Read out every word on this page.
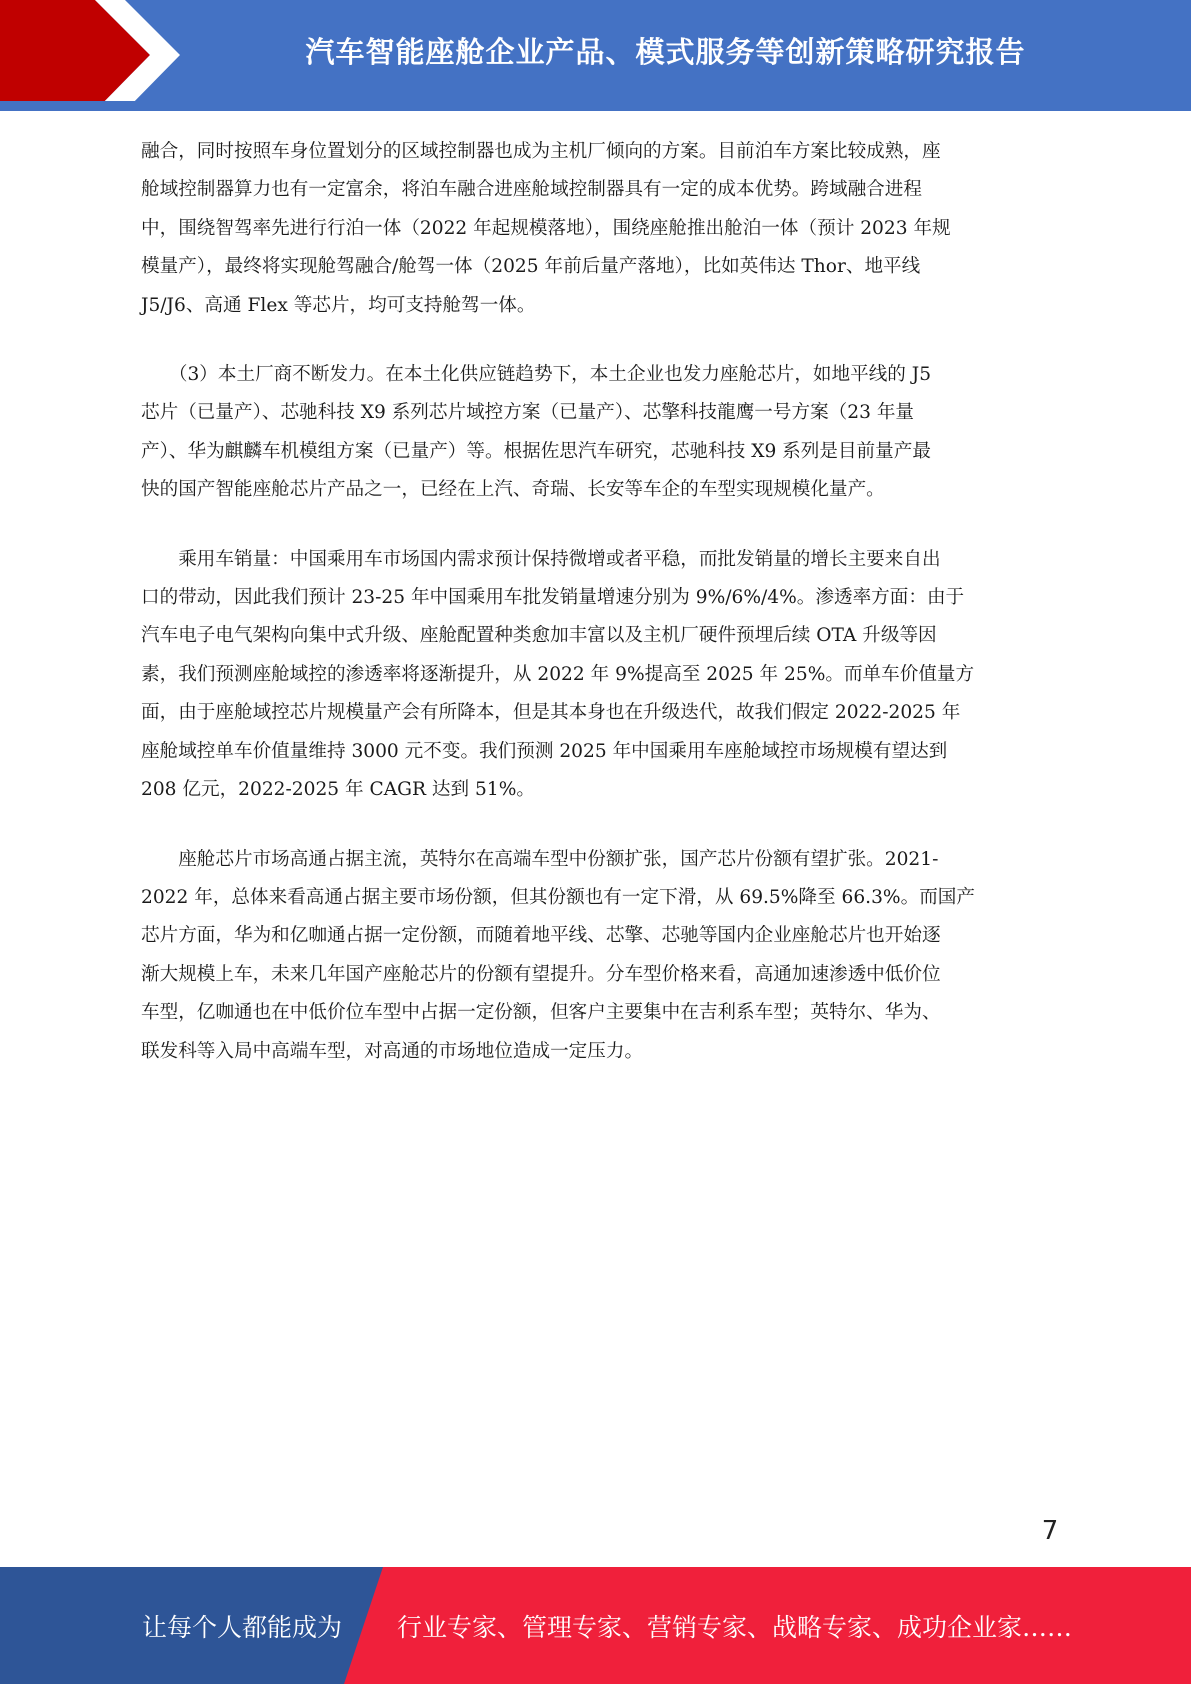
汽车智能座舱企业产品、模式服务等创新策略研究报告

融合，同时按照车身位置划分的区域控制器也成为主机厂倾向的方案。目前泊车方案比较成熟，座
舱域控制器算力也有一定富余，将泊车融合进座舱域控制器具有一定的成本优势。跨域融合进程
中，围绕智驾率先进行行泊一体（2022 年起规模落地），围绕座舱推出舱泊一体（预计 2023 年规
模量产），最终将实现舱驾融合/舱驾一体（2025 年前后量产落地），比如英伟达 Thor、地平线
J5/J6、高通 Flex 等芯片，均可支持舱驾一体。

　　（3）本土厂商不断发力。在本土化供应链趋势下，本土企业也发力座舱芯片，如地平线的 J5
芯片（已量产）、芯驰科技 X9 系列芯片域控方案（已量产）、芯擎科技龍鹰一号方案（23 年量
产）、华为麒麟车机模组方案（已量产）等。根据佐思汽车研究，芯驰科技 X9 系列是目前量产最
快的国产智能座舱芯片产品之一，已经在上汽、奇瑞、长安等车企的车型实现规模化量产。

　　乘用车销量：中国乘用车市场国内需求预计保持微增或者平稳，而批发销量的增长主要来自出
口的带动，因此我们预计 23-25 年中国乘用车批发销量增速分别为 9%/6%/4%。渗透率方面：由于
汽车电子电气架构向集中式升级、座舱配置种类愈加丰富以及主机厂硬件预埋后续 OTA 升级等因
素，我们预测座舱域控的渗透率将逐渐提升，从 2022 年 9%提高至 2025 年 25%。而单车价值量方
面，由于座舱域控芯片规模量产会有所降本，但是其本身也在升级迭代，故我们假定 2022-2025 年
座舱域控单车价值量维持 3000 元不变。我们预测 2025 年中国乘用车座舱域控市场规模有望达到
208 亿元，2022-2025 年 CAGR 达到 51%。

　　座舱芯片市场高通占据主流，英特尔在高端车型中份额扩张，国产芯片份额有望扩张。2021-
2022 年，总体来看高通占据主要市场份额，但其份额也有一定下滑，从 69.5%降至 66.3%。而国产
芯片方面，华为和亿咖通占据一定份额，而随着地平线、芯擎、芯驰等国内企业座舱芯片也开始逐
渐大规模上车，未来几年国产座舱芯片的份额有望提升。分车型价格来看，高通加速渗透中低价位
车型，亿咖通也在中低价位车型中占据一定份额，但客户主要集中在吉利系车型；英特尔、华为、
联发科等入局中高端车型，对高通的市场地位造成一定压力。

7
让每个人都能成为 行业专家、管理专家、营销专家、战略专家、成功企业家……
